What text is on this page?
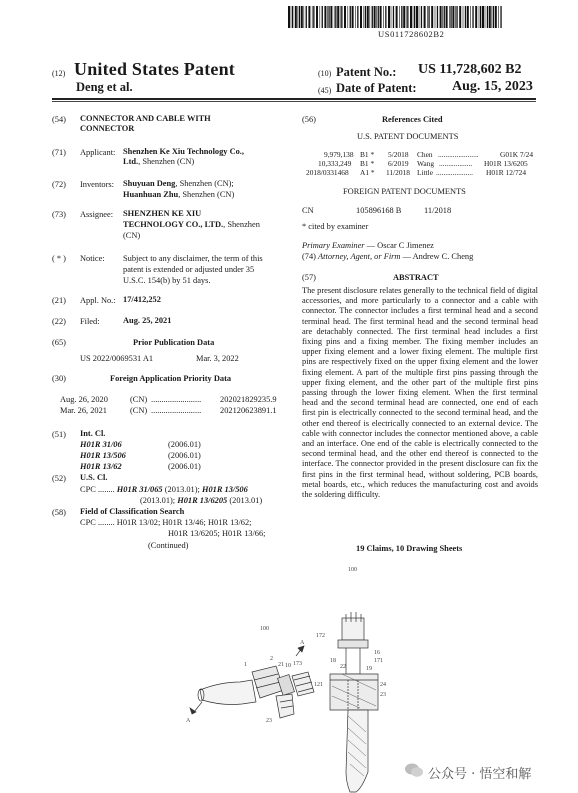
US011728602B2
(12) United States Patent
Deng et al.
(10) Patent No.: US 11,728,602 B2
(45) Date of Patent:	Aug. 15, 2023
(54) CONNECTOR AND CABLE WITH
CONNECTOR
(71) Applicant: Shenzhen Ke Xiu Technology Co.,
Ltd., Shenzhen (CN)
(72) Inventors: Shuyuan Deng, Shenzhen (CN);
Huanhuan Zhu, Shenzhen (CN)
(73) Assignee: SHENZHEN KE XIU
TECHNOLOGY CO., LTD., Shenzhen
(CN)
( * ) Notice: Subject to any disclaimer, the term of this
patent is extended or adjusted under 35
U.S.C. 154(b) by 51 days.
(21) Appl. No.: 17/412,252
(22) Filed:	Aug. 25, 2021
(65)	Prior Publication Data
US 2022/0069531 A1	Mar. 3, 2022
(30)	Foreign Application Priority Data
Aug. 26, 2020	(CN) ........................ 202021829235.9
Mar. 26, 2021	(CN) ........................ 202120623891.1
(51) Int. Cl.
H01R 31/06	(2006.01)
H01R 13/506	(2006.01)
H01R 13/62	(2006.01)
(52) U.S. Cl.
CPC ........ H01R 31/065 (2013.01); H01R 13/506
(2013.01); H01R 13/6205 (2013.01)
(58) Field of Classification Search
CPC ........ H01R 13/02; H01R 13/46; H01R 13/62;
H01R 13/6205; H01R 13/66;
(Continued)
(56)	References Cited
U.S. PATENT DOCUMENTS
9,979,138 B1 * 5/2018 Chen ......................	G01K 7/24
10,333,249 B1 * 6/2019 Wang .................. H01R 13/6205
2018/0331468 A1 * 11/2018 Little .................... H01R 12/724
FOREIGN PATENT DOCUMENTS
CN	105896168 B	11/2018
* cited by examiner
Primary Examiner — Oscar C Jimenez
(74) Attorney, Agent, or Firm — Andrew C. Cheng
(57)	ABSTRACT
The present disclosure relates generally to the technical field of digital accessories, and more particularly to a connector and a cable with connector. The connector includes a first terminal head and a second terminal head. The first terminal head and the second terminal head are detachably connected. The first terminal head includes a first fixing pins and a fixing member. The fixing member includes an upper fixing element and a lower fixing element. The multiple first pins are respectively fixed on the upper fixing element and the lower fixing element. A part of the multiple first pins passing through the upper fixing element, and the other part of the multiple first pins passing through the lower fixing element. When the first terminal head and the second terminal head are connected, one end of each first pin is electrically connected to the second terminal head, and the other end thereof is electrically connected to an external device. The cable with connector includes the connector mentioned above, a cable and an interface. One end of the cable is electrically connected to the second terminal head, and the other end thereof is connected to the interface. The connector provided in the present disclosure can fix the first pins in the first terminal head, without soldering, PCB boards, metal boards, etc., which reduces the manufacturing cost and avoids the soldering difficulty.
19 Claims, 10 Drawing Sheets
100
100
A
A
1
2
21 10 173
23
172
16
171
22	19
18
121	24
23
公众号 · 悟空和解
